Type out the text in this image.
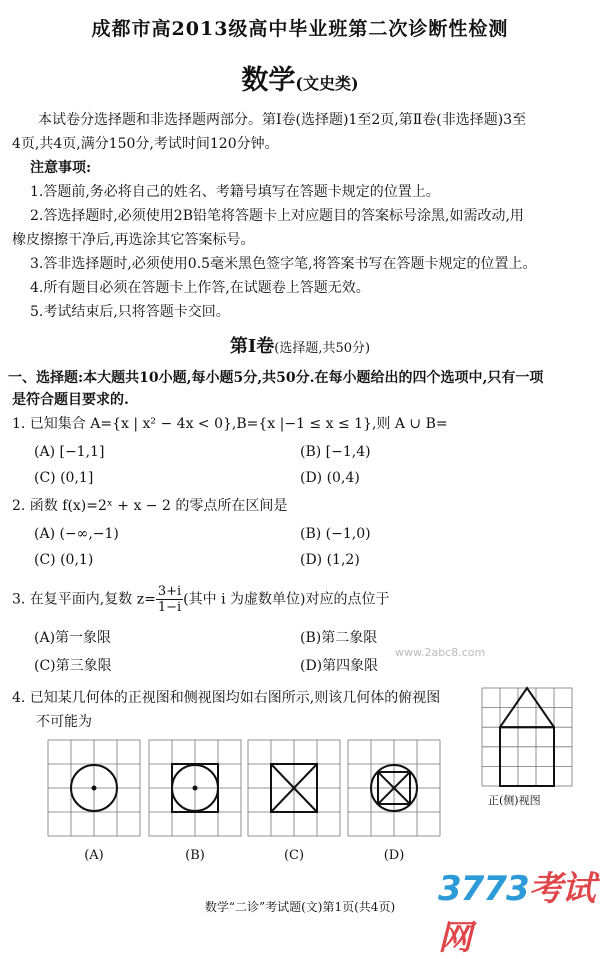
成都市高2013级高中毕业班第二次诊断性检测
数学(文史类)
本试卷分选择题和非选择题两部分。第Ⅰ卷(选择题)1至2页,第Ⅱ卷(非选择题)3至
4页,共4页,满分150分,考试时间120分钟。
注意事项:
1.答题前,务必将自己的姓名、考籍号填写在答题卡规定的位置上。
2.答选择题时,必须使用2B铅笔将答题卡上对应题目的答案标号涂黑,如需改动,用
橡皮擦擦干净后,再选涂其它答案标号。
3.答非选择题时,必须使用0.5毫米黑色签字笔,将答案书写在答题卡规定的位置上。
4.所有题目必须在答题卡上作答,在试题卷上答题无效。
5.考试结束后,只将答题卡交回。
第Ⅰ卷(选择题,共50分)
一、选择题:本大题共10小题,每小题5分,共50分.在每小题给出的四个选项中,只有一项
是符合题目要求的.
1. 已知集合 A={x | x² − 4x < 0},B={x |−1 ≤ x ≤ 1},则 A ∪ B=
(A) [−1,1]	(B) [−1,4)
(C) (0,1]	(D) (0,4)
2. 函数 f(x)=2ˣ + x − 2 的零点所在区间是
(A) (−∞,−1)	(B) (−1,0)
(C) (0,1)	(D) (1,2)
3. 在复平面内,复数 $z= \frac{3+i}{1-i}$(其中 i 为虚数单位)对应的点位于
(A)第一象限	(B)第二象限
(C)第三象限	(D)第四象限
4. 已知某几何体的正视图和侧视图均如右图所示,则该几何体的俯视图
不可能为
正(侧)视图
(A)	(B)	(C)	(D)
www.2abc8.com
3773考试网
数学“二诊”考试题(文)第1页(共4页)
